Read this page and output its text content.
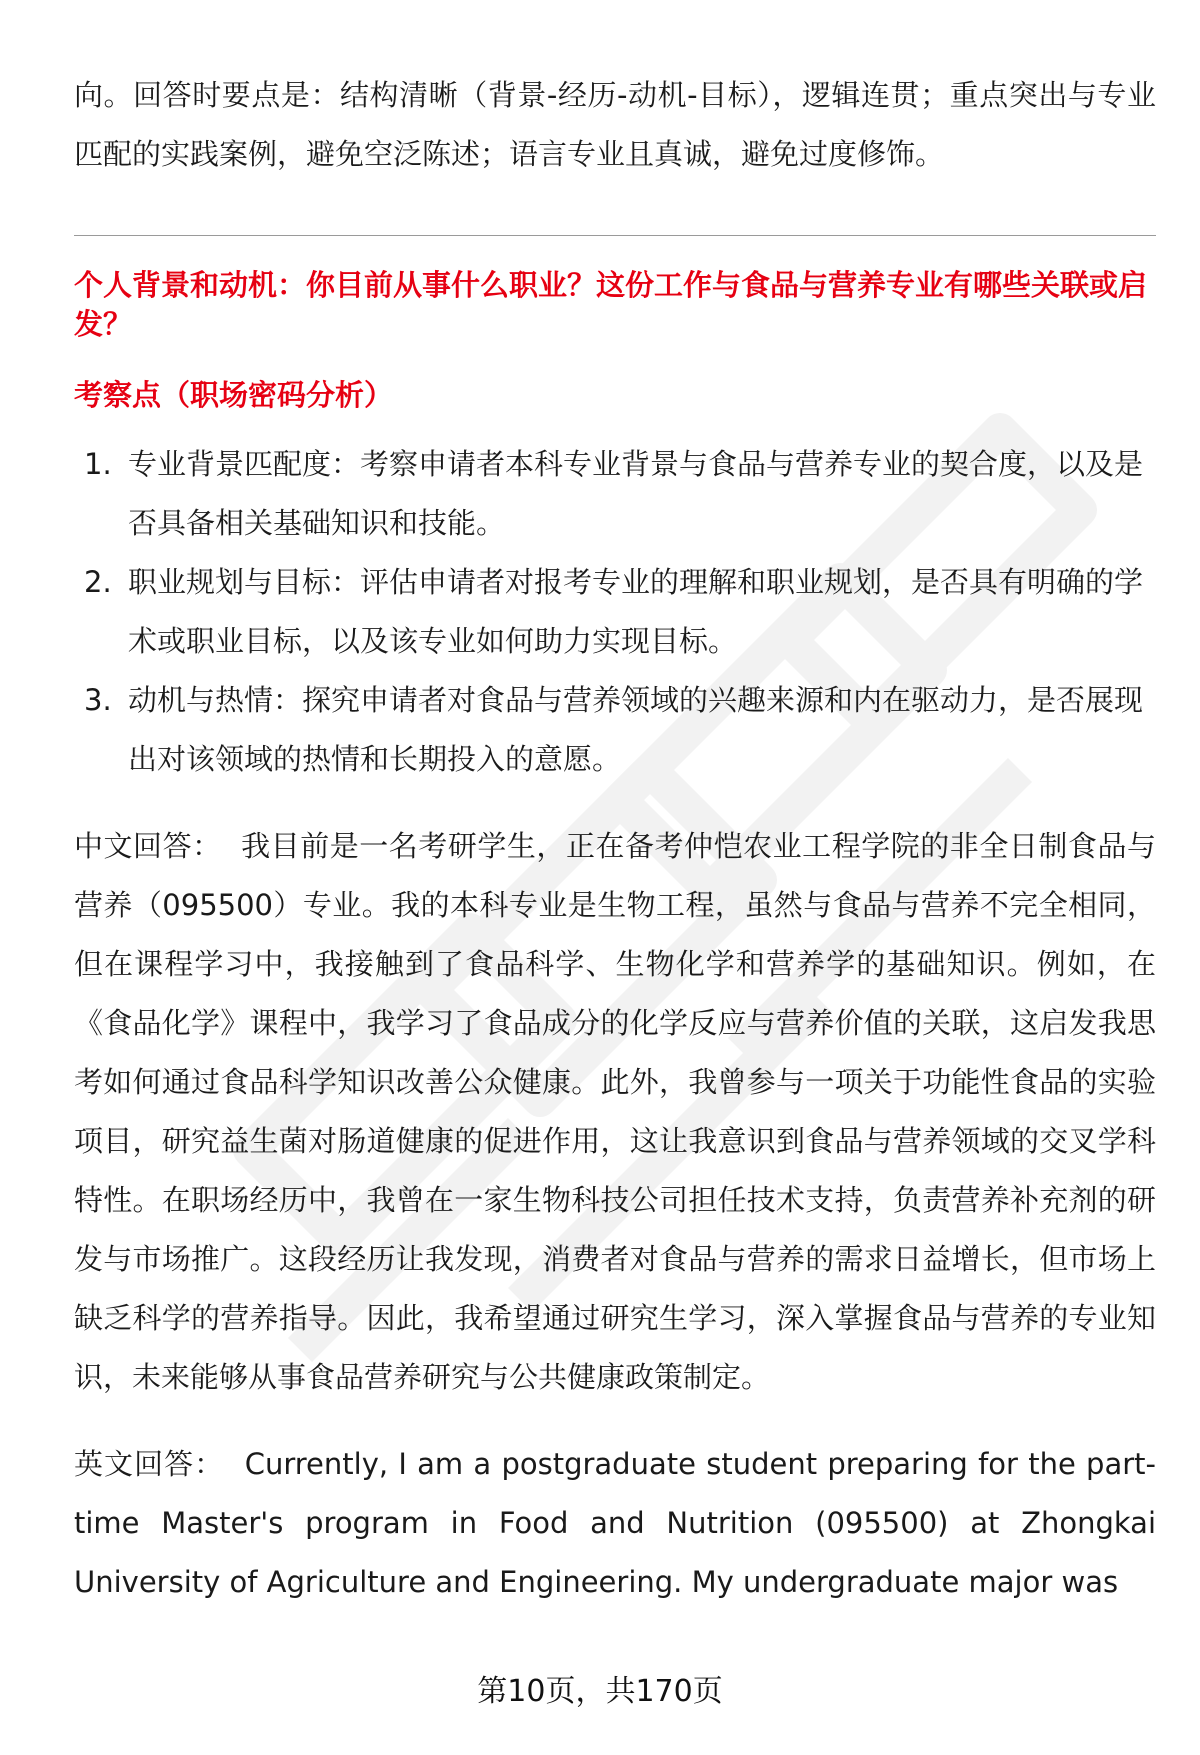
向。回答时要点是：结构清晰（背景-经历-动机-目标），逻辑连贯；重点突出与专业匹配的实践案例，避免空泛陈述；语言专业且真诚，避免过度修饰。

个人背景和动机：你目前从事什么职业？这份工作与食品与营养专业有哪些关联或启发？

考察点（职场密码分析）

1. 专业背景匹配度：考察申请者本科专业背景与食品与营养专业的契合度，以及是否具备相关基础知识和技能。
2. 职业规划与目标：评估申请者对报考专业的理解和职业规划，是否具有明确的学术或职业目标，以及该专业如何助力实现目标。
3. 动机与热情：探究申请者对食品与营养领域的兴趣来源和内在驱动力，是否展现出对该领域的热情和长期投入的意愿。

中文回答： 我目前是一名考研学生，正在备考仲恺农业工程学院的非全日制食品与营养（095500）专业。我的本科专业是生物工程，虽然与食品与营养不完全相同，但在课程学习中，我接触到了食品科学、生物化学和营养学的基础知识。例如，在《食品化学》课程中，我学习了食品成分的化学反应与营养价值的关联，这启发我思考如何通过食品科学知识改善公众健康。此外，我曾参与一项关于功能性食品的实验项目，研究益生菌对肠道健康的促进作用，这让我意识到食品与营养领域的交叉学科特性。在职场经历中，我曾在一家生物科技公司担任技术支持，负责营养补充剂的研发与市场推广。这段经历让我发现，消费者对食品与营养的需求日益增长，但市场上缺乏科学的营养指导。因此，我希望通过研究生学习，深入掌握食品与营养的专业知识，未来能够从事食品营养研究与公共健康政策制定。

英文回答： Currently, I am a postgraduate student preparing for the part-time Master's program in Food and Nutrition (095500) at Zhongkai University of Agriculture and Engineering. My undergraduate major was

第10页，共170页
